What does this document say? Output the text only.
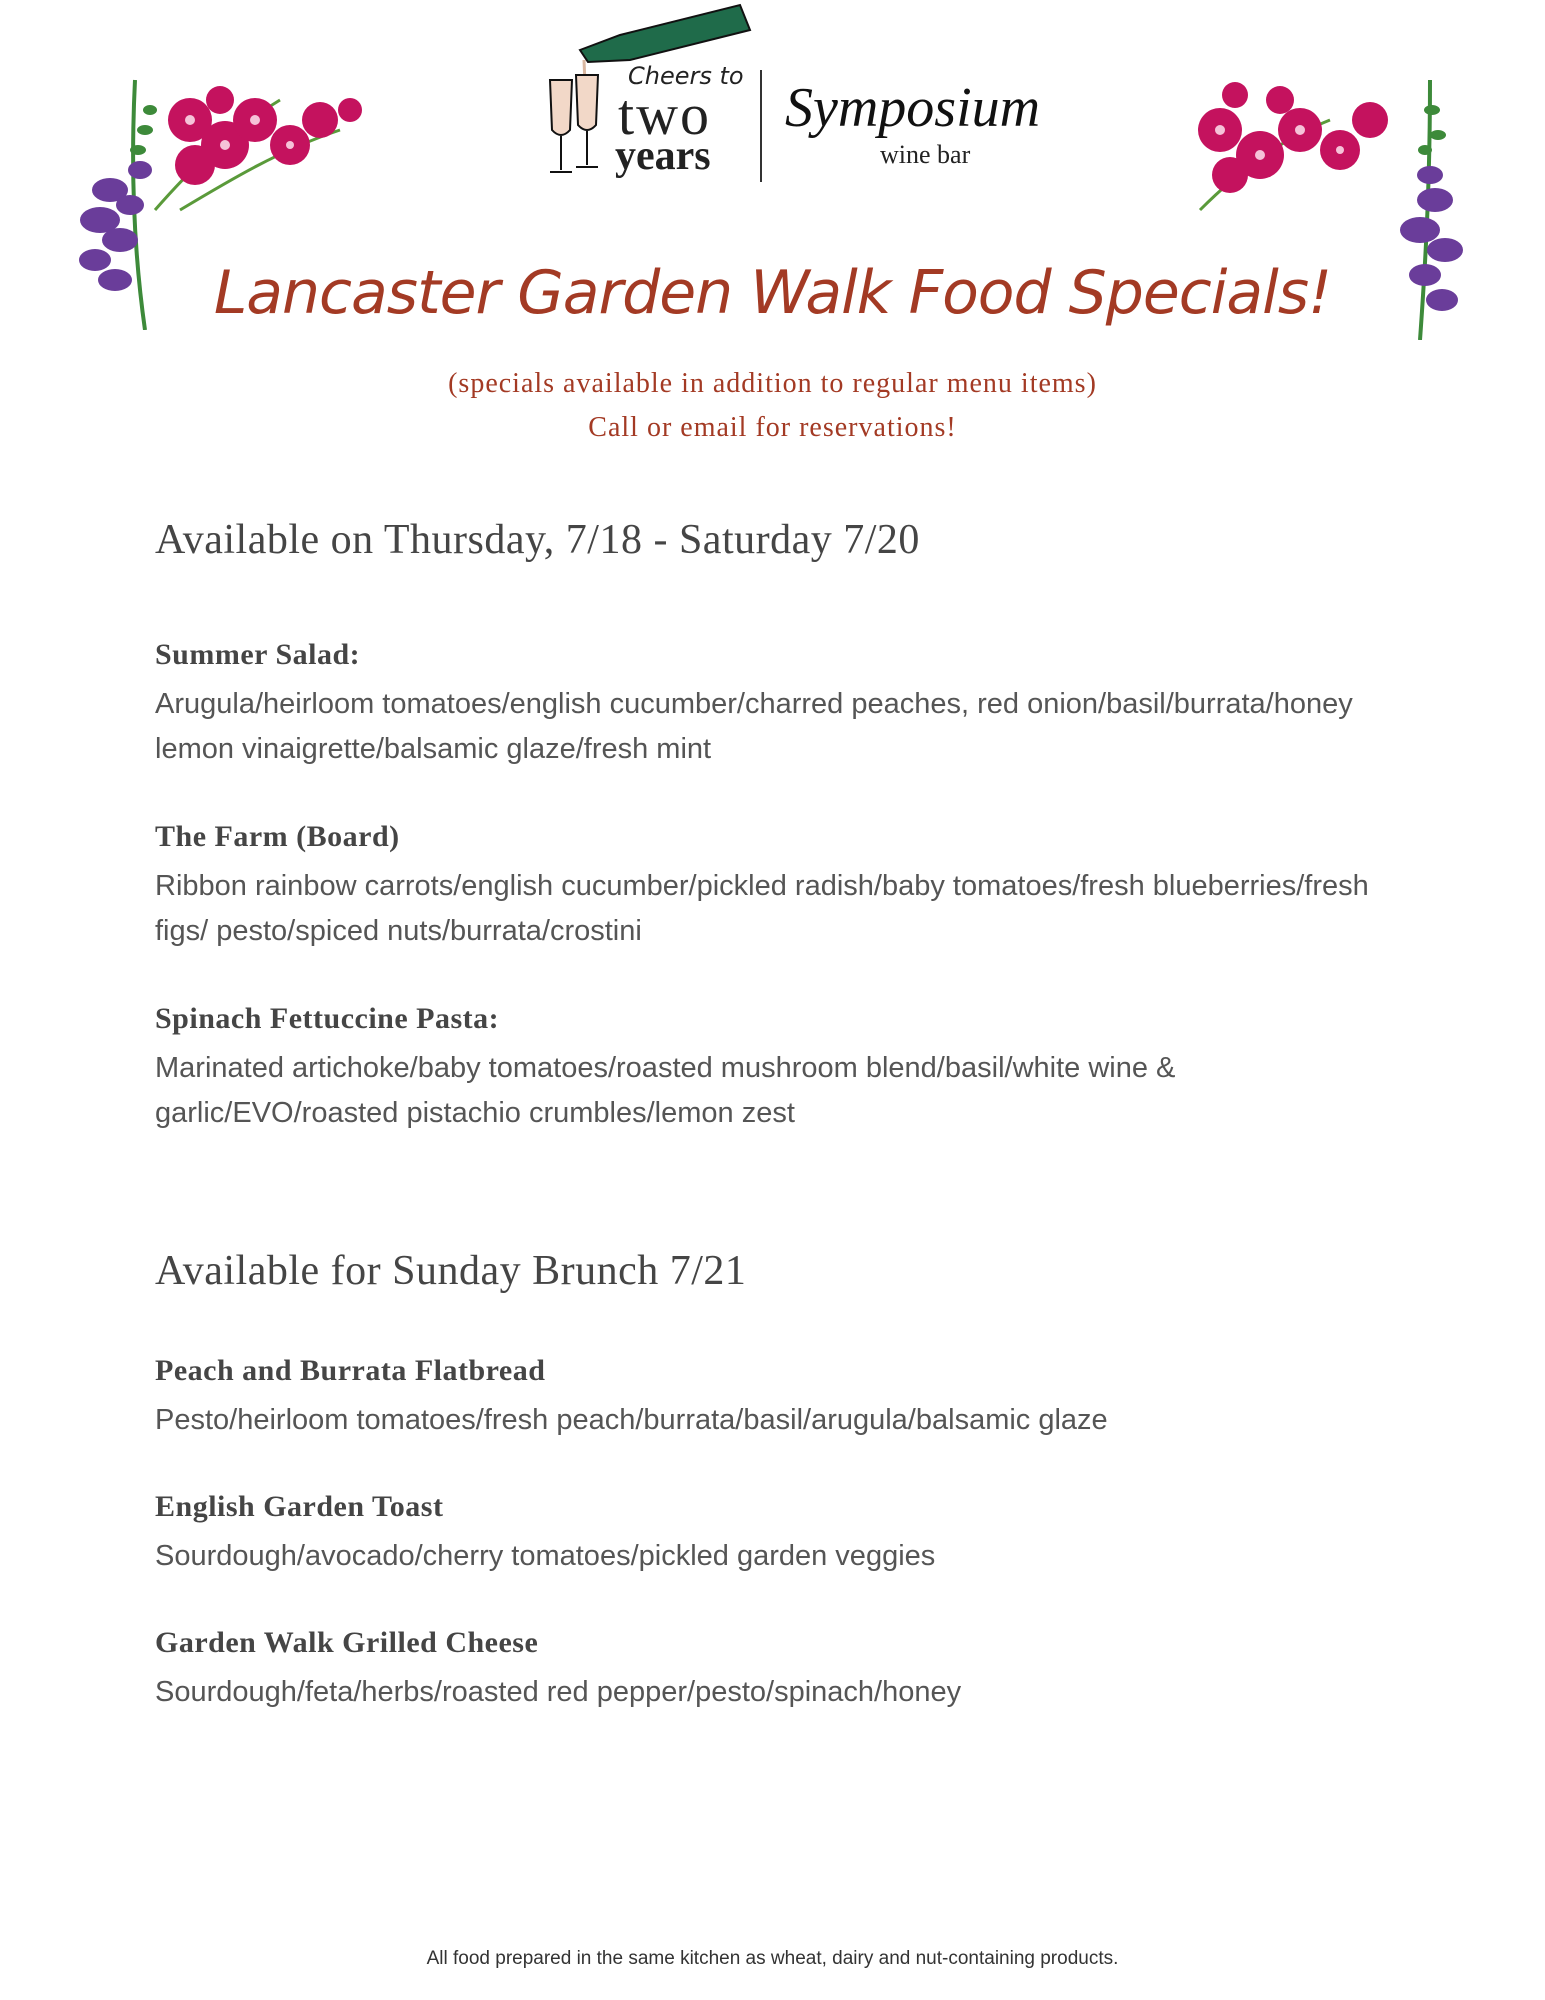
Cheers to
two
years
Symposium
wine bar
Lancaster Garden Walk Food Specials!
(specials available in addition to regular menu items)
Call or email for reservations!
Available on Thursday, 7/18 - Saturday 7/20
Summer Salad:
Arugula/heirloom tomatoes/english cucumber/charred peaches, red onion/basil/burrata/honey lemon vinaigrette/balsamic glaze/fresh mint
The Farm (Board)
Ribbon rainbow carrots/english cucumber/pickled radish/baby tomatoes/fresh blueberries/fresh figs/ pesto/spiced nuts/burrata/crostini
Spinach Fettuccine Pasta:
Marinated artichoke/baby tomatoes/roasted mushroom blend/basil/white wine & garlic/EVO/roasted pistachio crumbles/lemon zest
Available for Sunday Brunch 7/21
Peach and Burrata Flatbread
Pesto/heirloom tomatoes/fresh peach/burrata/basil/arugula/balsamic glaze
English Garden Toast
Sourdough/avocado/cherry tomatoes/pickled garden veggies
Garden Walk Grilled Cheese
Sourdough/feta/herbs/roasted red pepper/pesto/spinach/honey
All food prepared in the same kitchen as wheat, dairy and nut-containing products.
